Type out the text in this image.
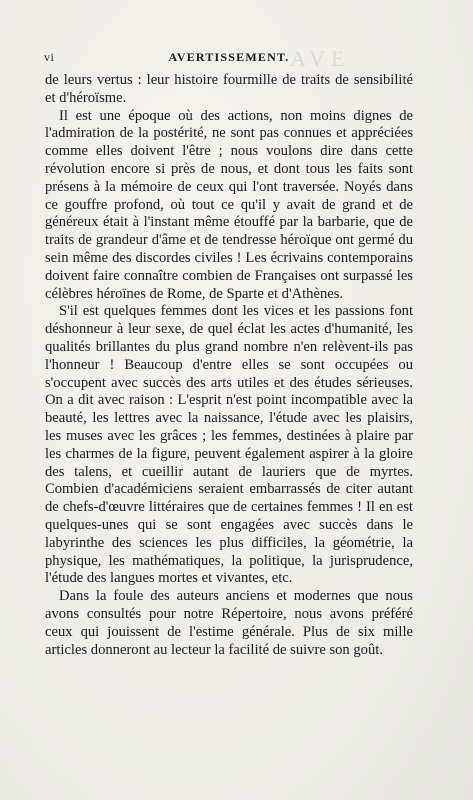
AVE
vi	AVERTISSEMENT.

de leurs vertus : leur histoire fourmille de traits de sensibilité et d'héroïsme.

Il est une époque où des actions, non moins dignes de l'admiration de la postérité, ne sont pas connues et appréciées comme elles doivent l'être ; nous voulons dire dans cette révolution encore si près de nous, et dont tous les faits sont présens à la mémoire de ceux qui l'ont traversée. Noyés dans ce gouffre profond, où tout ce qu'il y avait de grand et de généreux était à l'instant même étouffé par la barbarie, que de traits de grandeur d'âme et de tendresse héroïque ont germé du sein même des discordes civiles ! Les écrivains contemporains doivent faire connaître combien de Françaises ont surpassé les célèbres héroïnes de Rome, de Sparte et d'Athènes.

S'il est quelques femmes dont les vices et les passions font déshonneur à leur sexe, de quel éclat les actes d'humanité, les qualités brillantes du plus grand nombre n'en relèvent-ils pas l'honneur ! Beaucoup d'entre elles se sont occupées ou s'occupent avec succès des arts utiles et des études sérieuses. On a dit avec raison : L'esprit n'est point incompatible avec la beauté, les lettres avec la naissance, l'étude avec les plaisirs, les muses avec les grâces ; les femmes, destinées à plaire par les charmes de la figure, peuvent également aspirer à la gloire des talens, et cueillir autant de lauriers que de myrtes. Combien d'académiciens seraient embarrassés de citer autant de chefs-d'œuvre littéraires que de certaines femmes ! Il en est quelques-unes qui se sont engagées avec succès dans le labyrinthe des sciences les plus difficiles, la géométrie, la physique, les mathématiques, la politique, la jurisprudence, l'étude des langues mortes et vivantes, etc.

Dans la foule des auteurs anciens et modernes que nous avons consultés pour notre Répertoire, nous avons préféré ceux qui jouissent de l'estime générale. Plus de six mille articles donneront au lecteur la facilité de suivre son goût.
